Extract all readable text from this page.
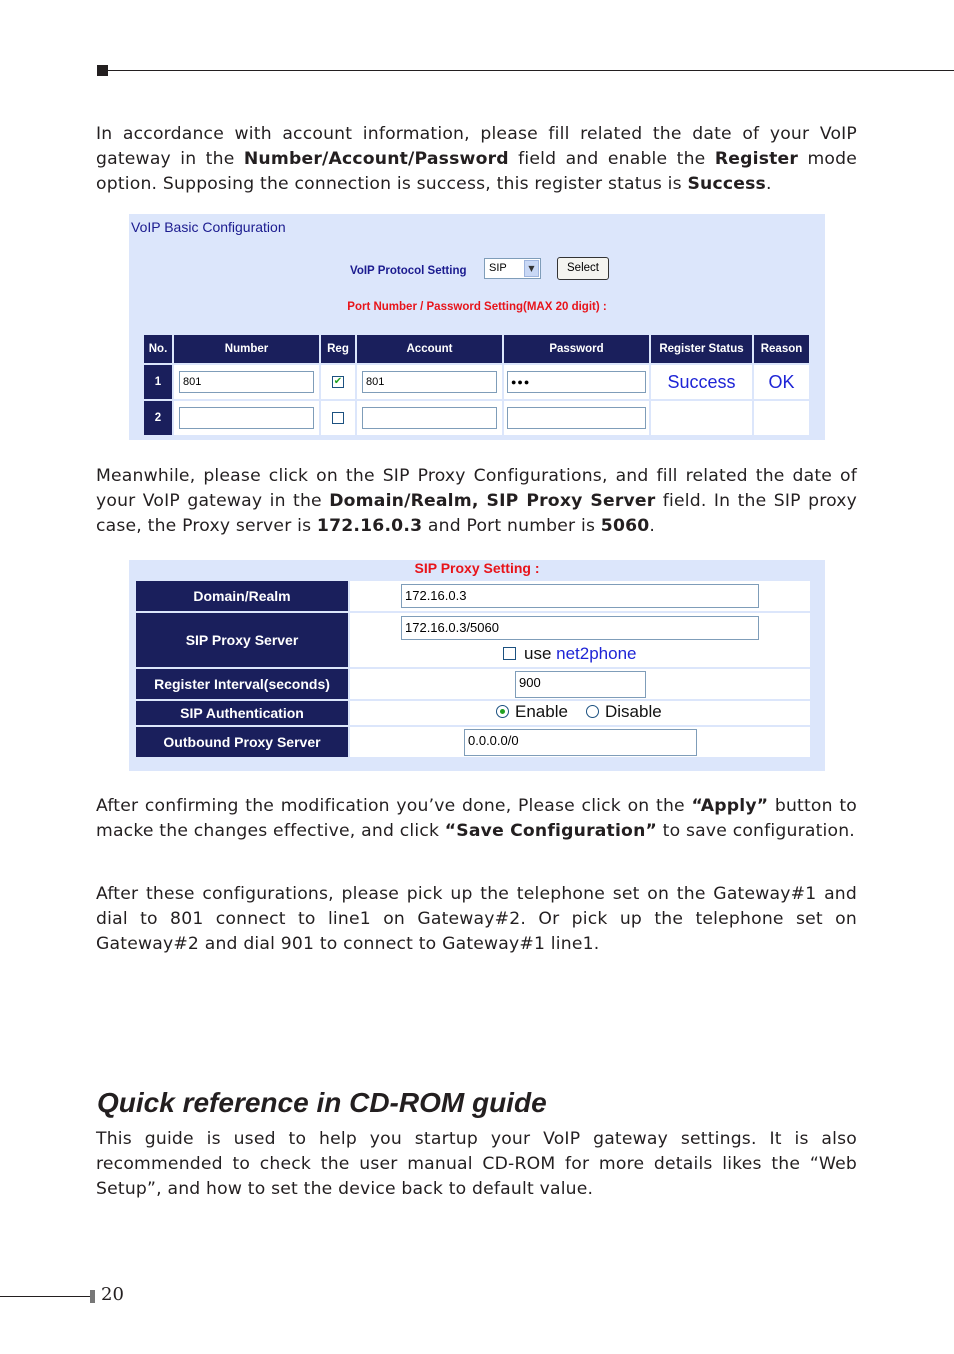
In accordance with account information, please fill related the date of your VoIP gateway in the Number/Account/Password field and enable the Register mode option. Supposing the connection is success, this register status is Success.

VoIP Basic Configuration
VoIP Protocol Setting SIP	▼	Select
Port Number / Password Setting(MAX 20 digit) :
No.	Number	Reg	Account	Password	Register Status	Reason
1	801	✔	801	●●●	Success	OK
2	

Meanwhile, please click on the SIP Proxy Configurations, and fill related the date of your VoIP gateway in the Domain/Realm, SIP Proxy Server field. In the SIP proxy case, the Proxy server is 172.16.0.3 and Port number is 5060.

SIP Proxy Setting :
Domain/Realm	172.16.0.3

SIP Proxy Server	172.16.0.3/5060
use net2phone

Register Interval(seconds)	900

SIP Authentication	Enable Disable

Outbound Proxy Server	0.0.0.0/0

After confirming the modification you’ve done, Please click on the “Apply” button to macke the changes effective, and click “Save Configuration” to save configuration.

After these configurations, please pick up the telephone set on the Gateway#1 and dial to 801 connect to line1 on Gateway#2. Or pick up the telephone set on Gateway#2 and dial 901 to connect to Gateway#1 line1.

Quick reference in CD-ROM guide

This guide is used to help you startup your VoIP gateway settings. It is also recommended to check the user manual CD-ROM for more details likes the “Web Setup”, and how to set the device back to default value.

20
